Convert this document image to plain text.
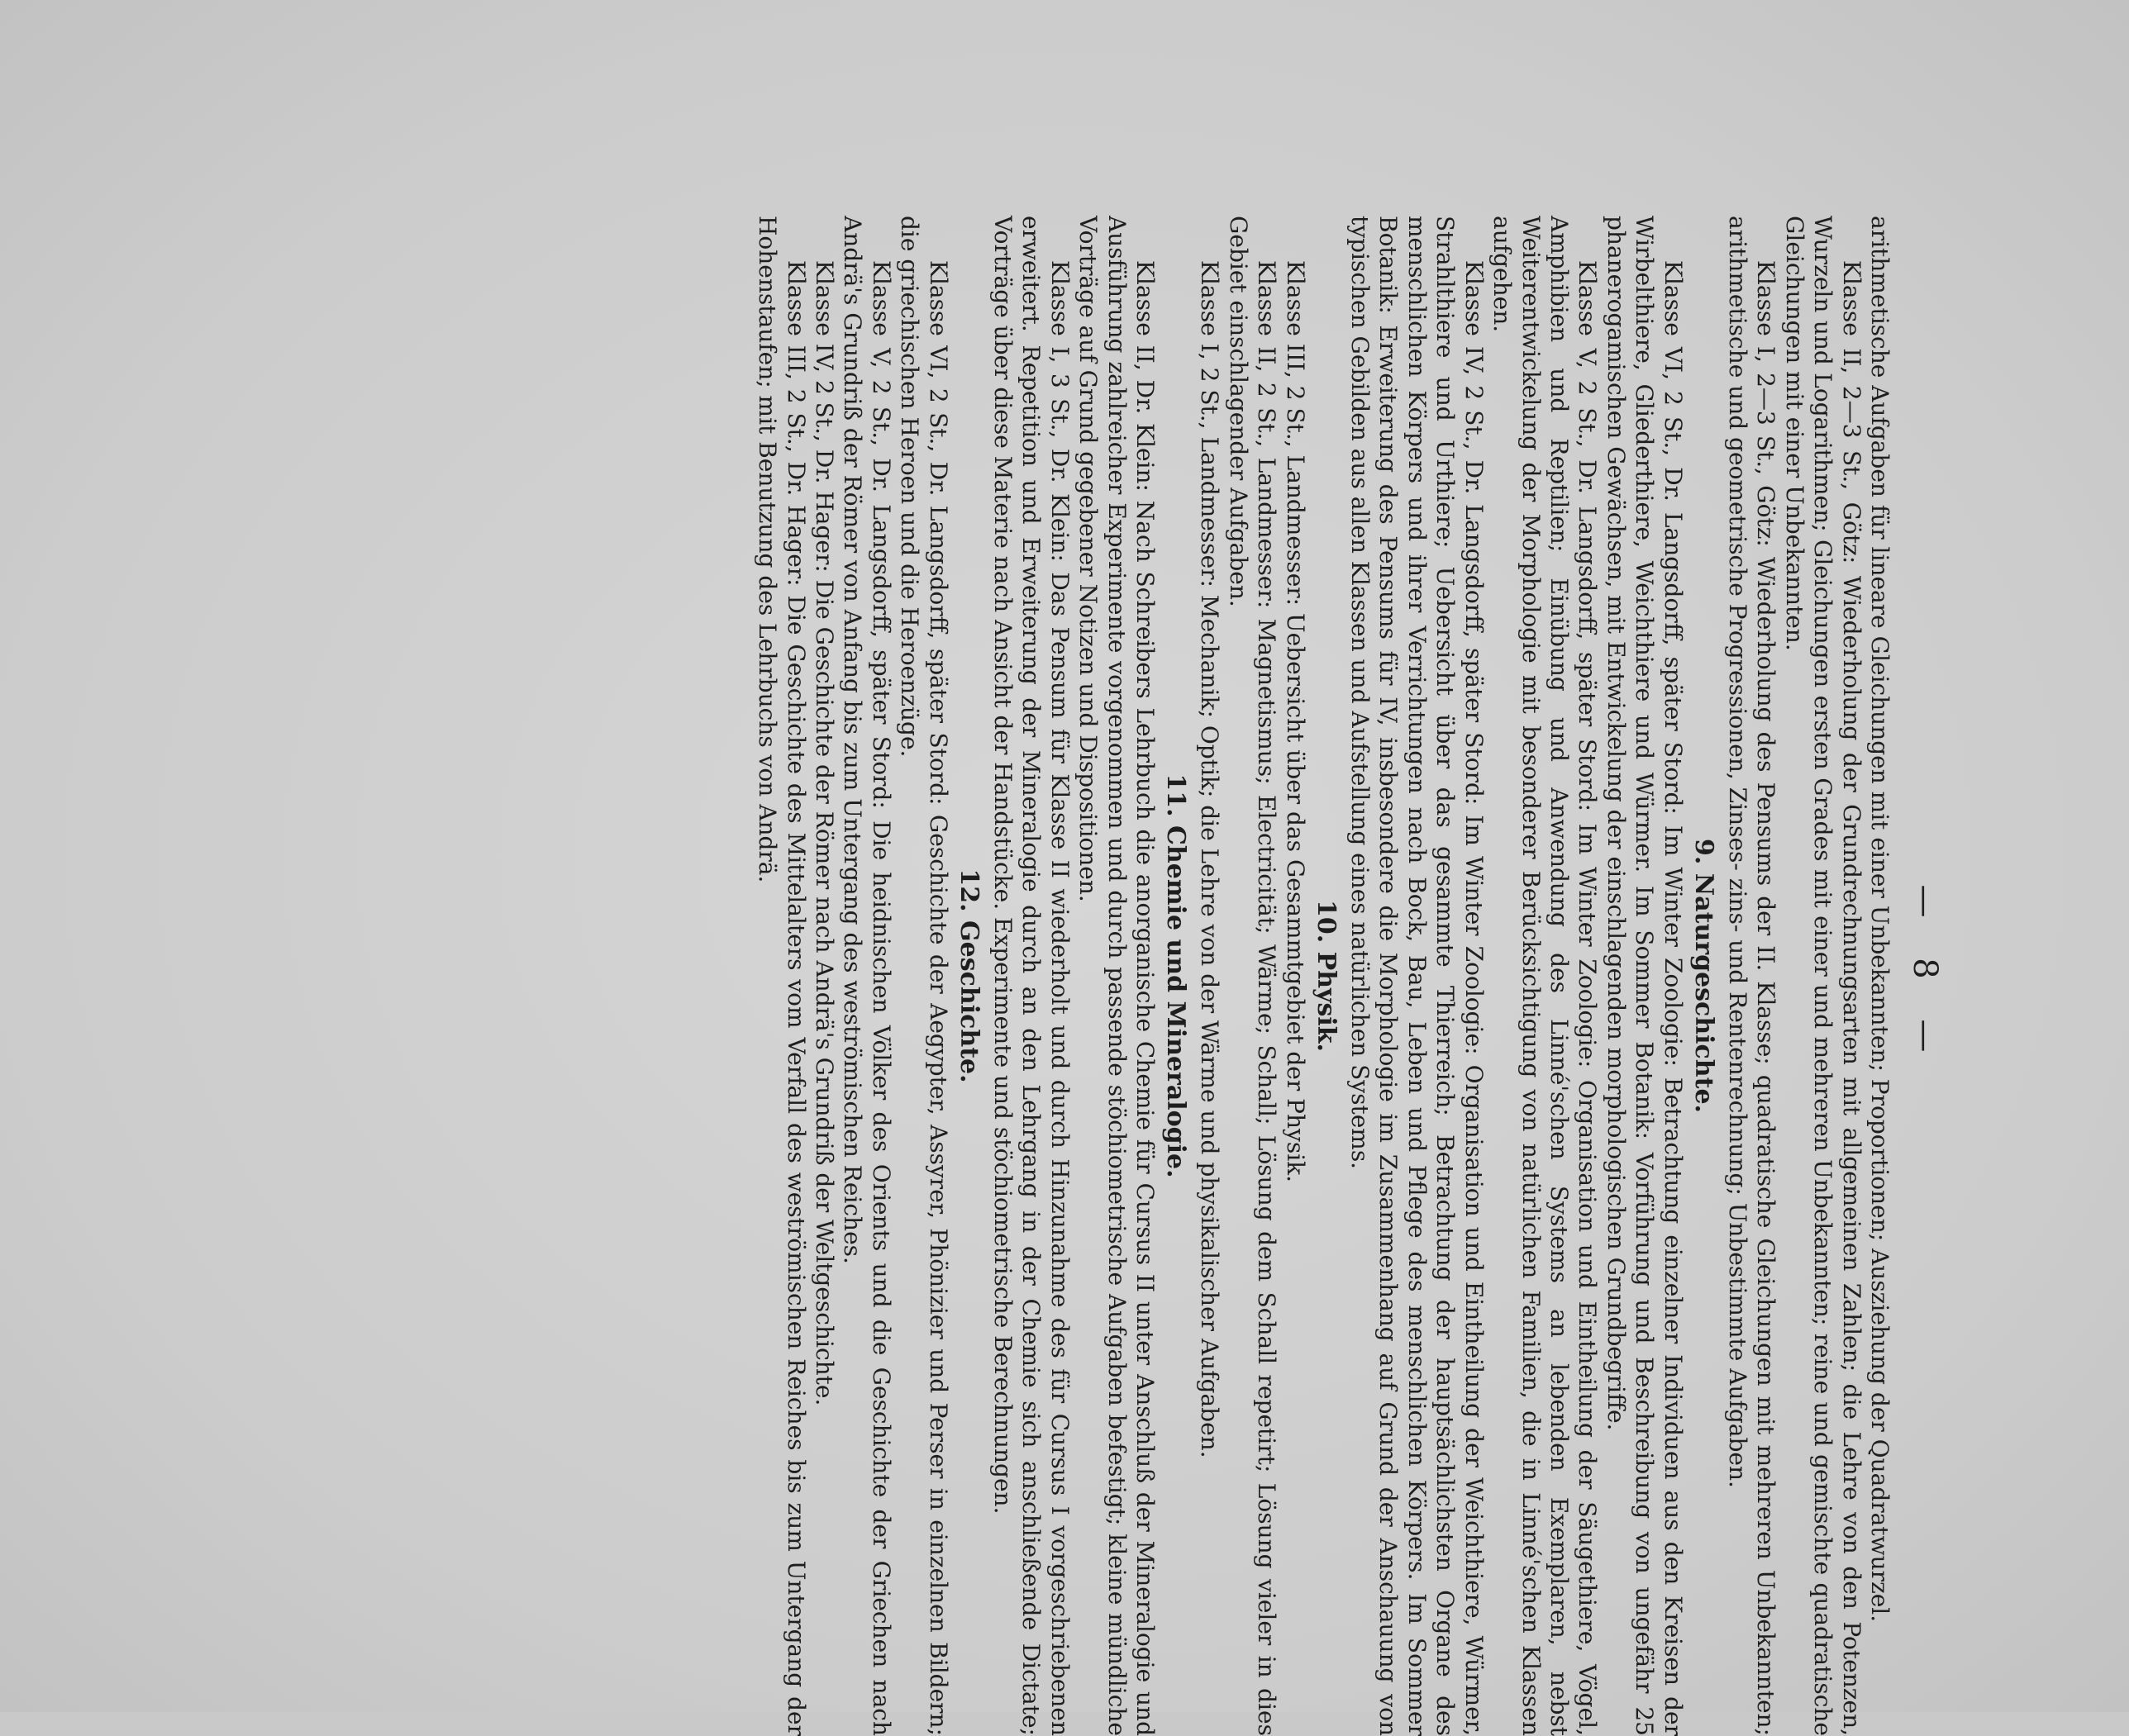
— 8 —

arithmetische Aufgaben für lineare Gleichungen mit einer Unbekannten; Proportionen; Ausziehung der Quadratwurzel.

Klasse II, 2—3 St., Götz: Wiederholung der Grundrechnungsarten mit allgemeinen Zahlen; die Lehre von den Potenzen, Wurzeln und Logarithmen; Gleichungen ersten Grades mit einer und mehreren Unbekannten; reine und gemischte quadratische Gleichungen mit einer Unbekannten.

Klasse I, 2—3 St., Götz: Wiederholung des Pensums der II. Klasse; quadratische Gleichungen mit mehreren Unbekannten; arithmetische und geometrische Progressionen, Zinses- zins- und Rentenrechnung; Unbestimmte Aufgaben.

9. Naturgeschichte.

Klasse VI, 2 St., Dr. Langsdorff, später Stord: Im Winter Zoologie: Betrachtung einzelner Individuen aus den Kreisen der Wirbelthiere, Gliederthiere, Weichthiere und Würmer. Im Sommer Botanik: Vorführung und Beschreibung von ungefähr 25 phanerogamischen Gewächsen, mit Entwickelung der einschlagenden morphologischen Grundbegriffe.

Klasse V, 2 St., Dr. Langsdorff, später Stord: Im Winter Zoologie: Organisation und Eintheilung der Säugethiere, Vögel, Amphibien und Reptilien; Einübung und Anwendung des Linné'schen Systems an lebenden Exemplaren, nebst Weiterentwickelung der Morphologie mit besonderer Berücksichtigung von natürlichen Familien, die in Linné'schen Klassen aufgehen.

Klasse IV, 2 St., Dr. Langsdorff, später Stord: Im Winter Zoologie: Organisation und Eintheilung der Weichthiere, Würmer, Strahlthiere und Urthiere; Uebersicht über das gesammte Thierreich; Betrachtung der hauptsächlichsten Organe des menschlichen Körpers und ihrer Verrichtungen nach Bock, Bau, Leben und Pflege des menschlichen Körpers. Im Sommer Botanik: Erweiterung des Pensums für IV, insbesondere die Morphologie im Zusammenhang auf Grund der Anschauung von typischen Gebilden aus allen Klassen und Aufstellung eines natürlichen Systems.

10. Physik.

Klasse III, 2 St., Landmesser: Uebersicht über das Gesammtgebiet der Physik.

Klasse II, 2 St., Landmesser: Magnetismus; Electricität; Wärme; Schall; Lösung dem Schall repetirt; Lösung vieler in dies Gebiet einschlagender Aufgaben.

Klasse I, 2 St., Landmesser: Mechanik; Optik; die Lehre von der Wärme und physikalischer Aufgaben.

11. Chemie und Mineralogie.

Klasse II, Dr. Klein: Nach Schreibers Lehrbuch die anorganische Chemie für Cursus II unter Anschluß der Mineralogie und Ausführung zahlreicher Experimente vorgenommen und durch passende stöchiometrische Aufgaben befestigt; kleine mündliche Vorträge auf Grund gegebener Notizen und Dispositionen.

Klasse I, 3 St., Dr. Klein: Das Pensum für Klasse II wiederholt und durch Hinzunahme des für Cursus I vorgeschriebenen erweitert. Repetition und Erweiterung der Mineralogie durch an den Lehrgang in der Chemie sich anschließende Dictate; Vorträge über diese Materie nach Ansicht der Handstücke. Experimente und stöchiometrische Berechnungen.

12. Geschichte.

Klasse VI, 2 St., Dr. Langsdorff, später Stord: Geschichte der Aegypter, Assyrer, Phönizier und Perser in einzelnen Bildern; die griechischen Heroen und die Heroenzüge.

Klasse V, 2 St., Dr. Langsdorff, später Stord: Die heidnischen Völker des Orients und die Geschichte der Griechen nach Andrä's Grundriß der Römer von Anfang bis zum Untergang des weströmischen Reiches.

Klasse IV, 2 St., Dr. Hager: Die Geschichte der Römer nach Andrä's Grundriß der Weltgeschichte.

Klasse III, 2 St., Dr. Hager: Die Geschichte des Mittelalters vom Verfall des weströmischen Reiches bis zum Untergang der Hohenstaufen; mit Benutzung des Lehrbuchs von Andrä.
